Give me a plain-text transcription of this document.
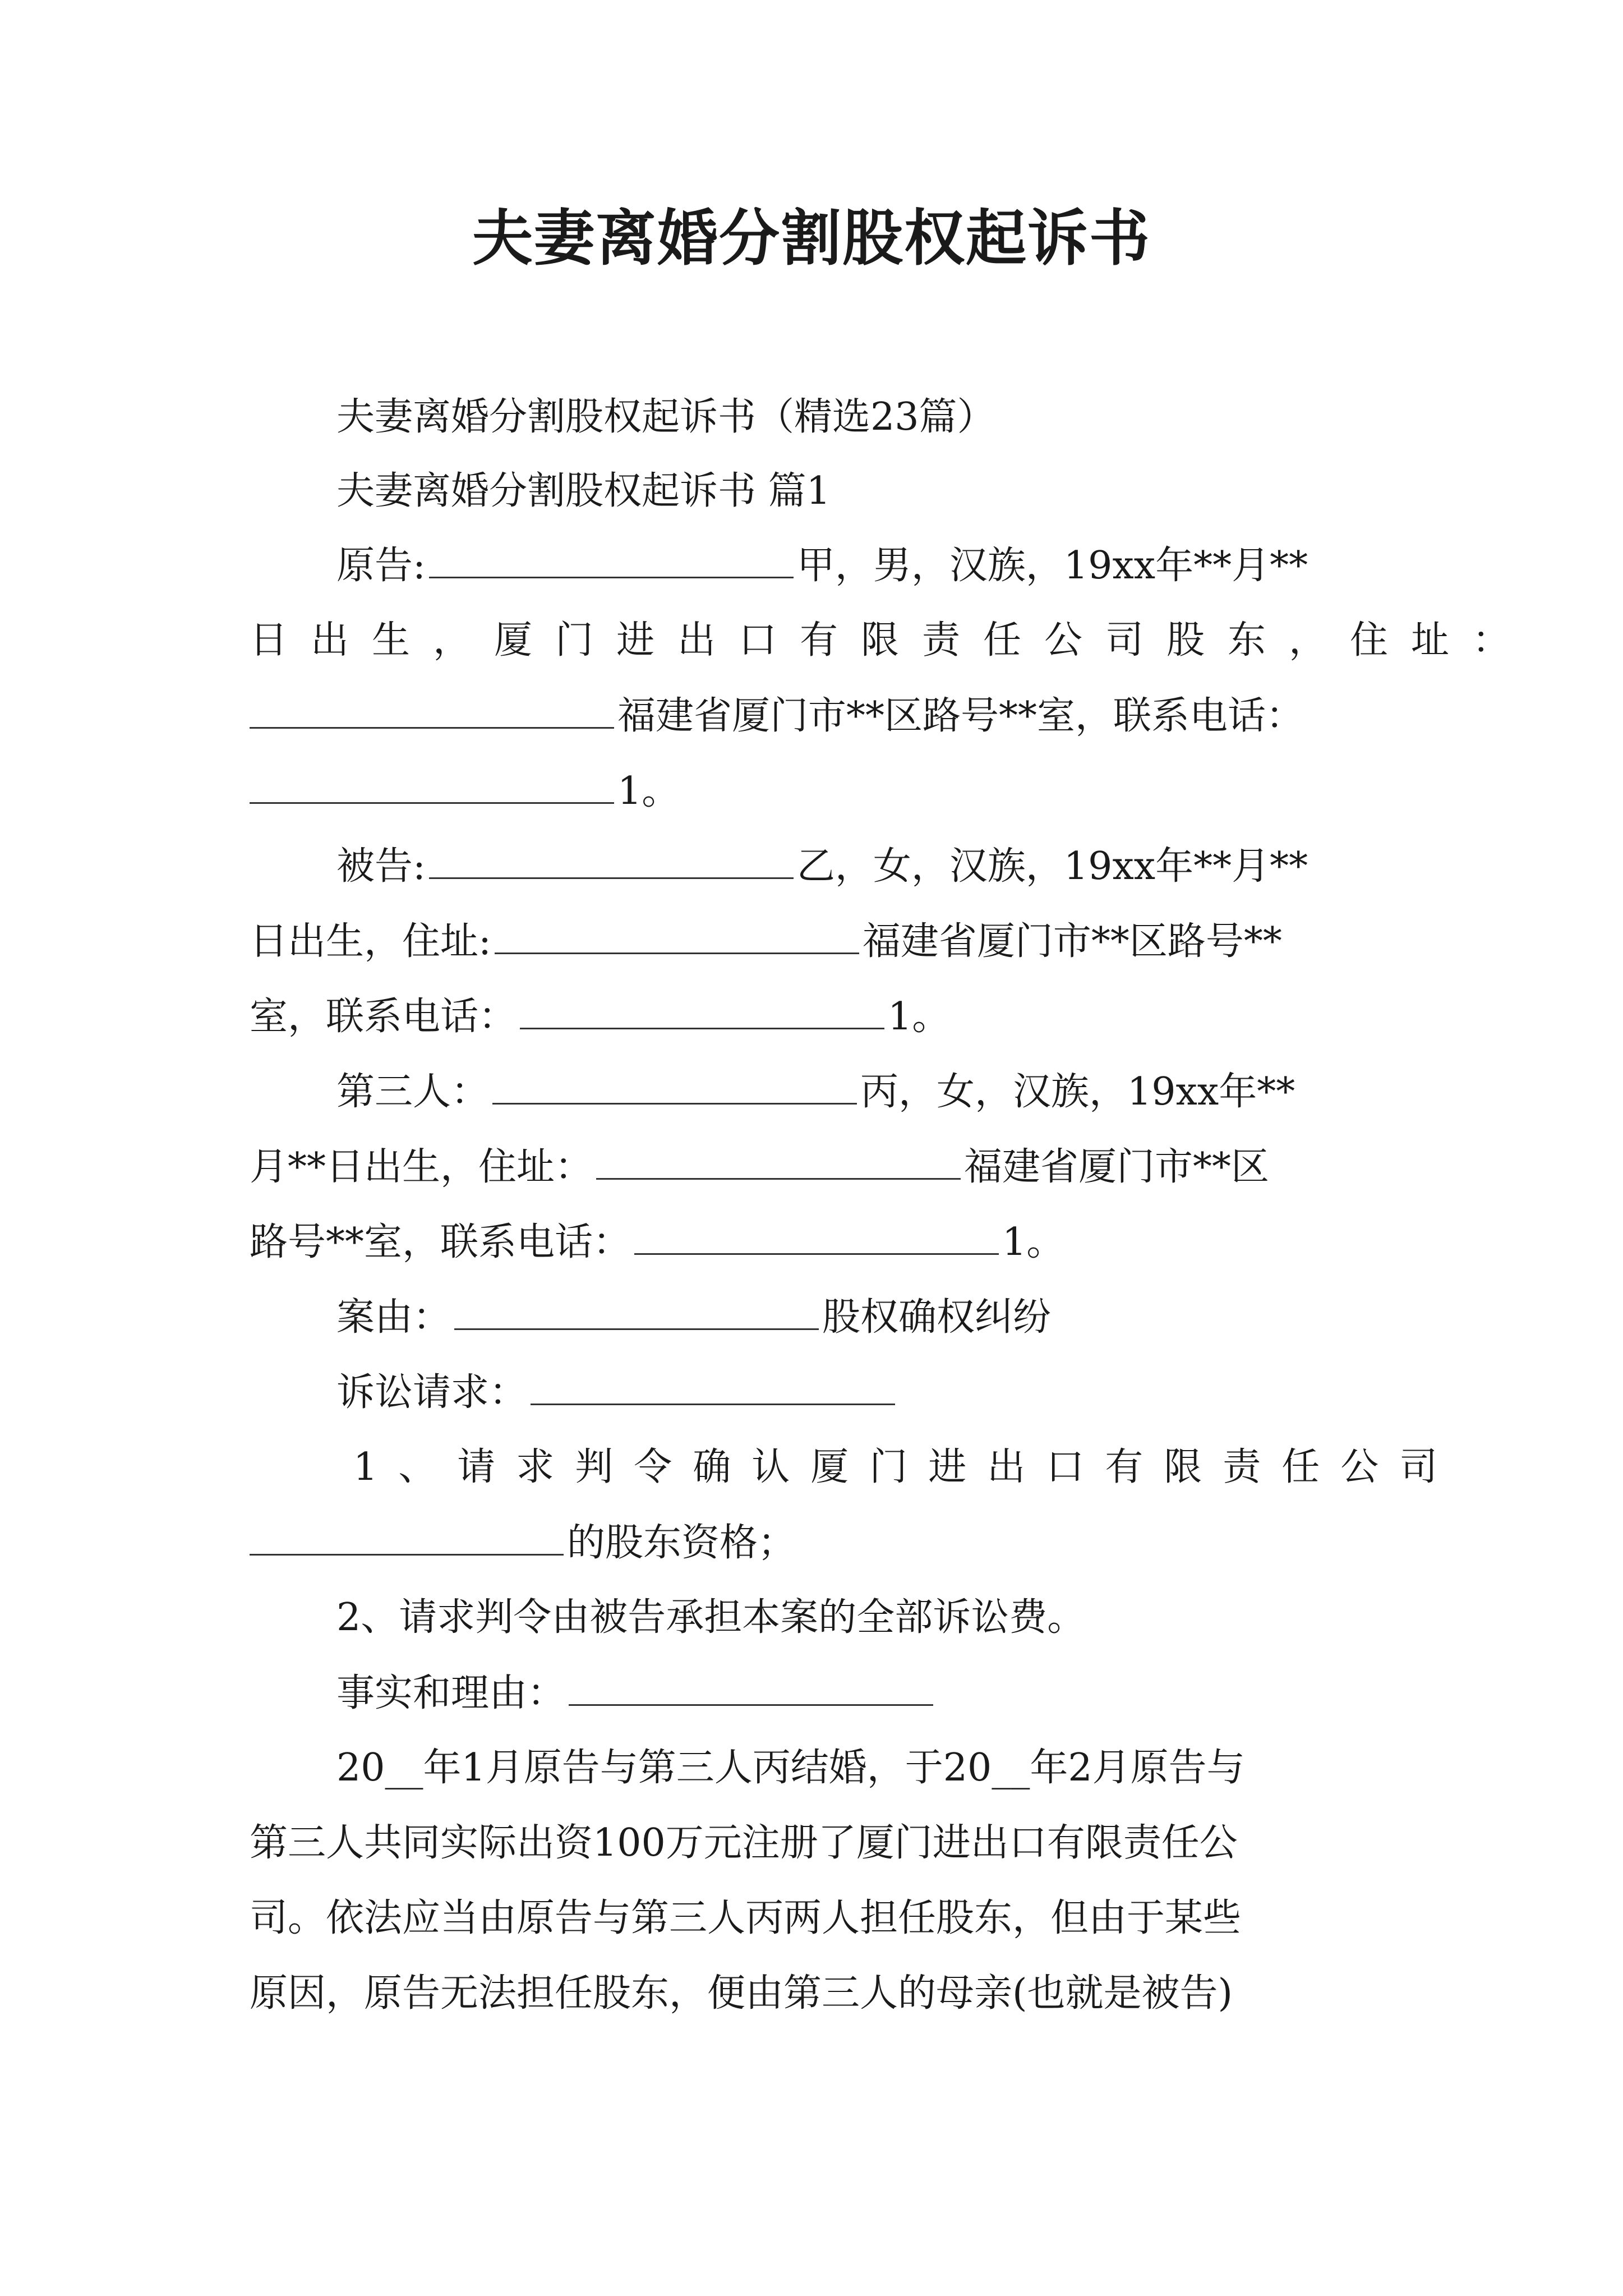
夫妻离婚分割股权起诉书
夫妻离婚分割股权起诉书（精选23篇）
夫妻离婚分割股权起诉书 篇1
原告:	甲，男，汉族，19xx年**月**
日出生，厦门进出口有限责任公司股东，住址：
福建省厦门市**区路号**室，联系电话：
1。
被告:	乙，女，汉族，19xx年**月**
日出生，住址:	福建省厦门市**区路号**
室，联系电话：	1。
第三人：	丙，女，汉族，19xx年**
月**日出生，住址：	福建省厦门市**区
路号**室，联系电话：	1。
案由：	股权确权纠纷
诉讼请求：
1、请求判令确认厦门进出口有限责任公司
的股东资格；
2、请求判令由被告承担本案的全部诉讼费。
事实和理由：
20__年1月原告与第三人丙结婚，于20__年2月原告与
第三人共同实际出资100万元注册了厦门进出口有限责任公
司。依法应当由原告与第三人丙两人担任股东，但由于某些
原因，原告无法担任股东，便由第三人的母亲(也就是被告)
